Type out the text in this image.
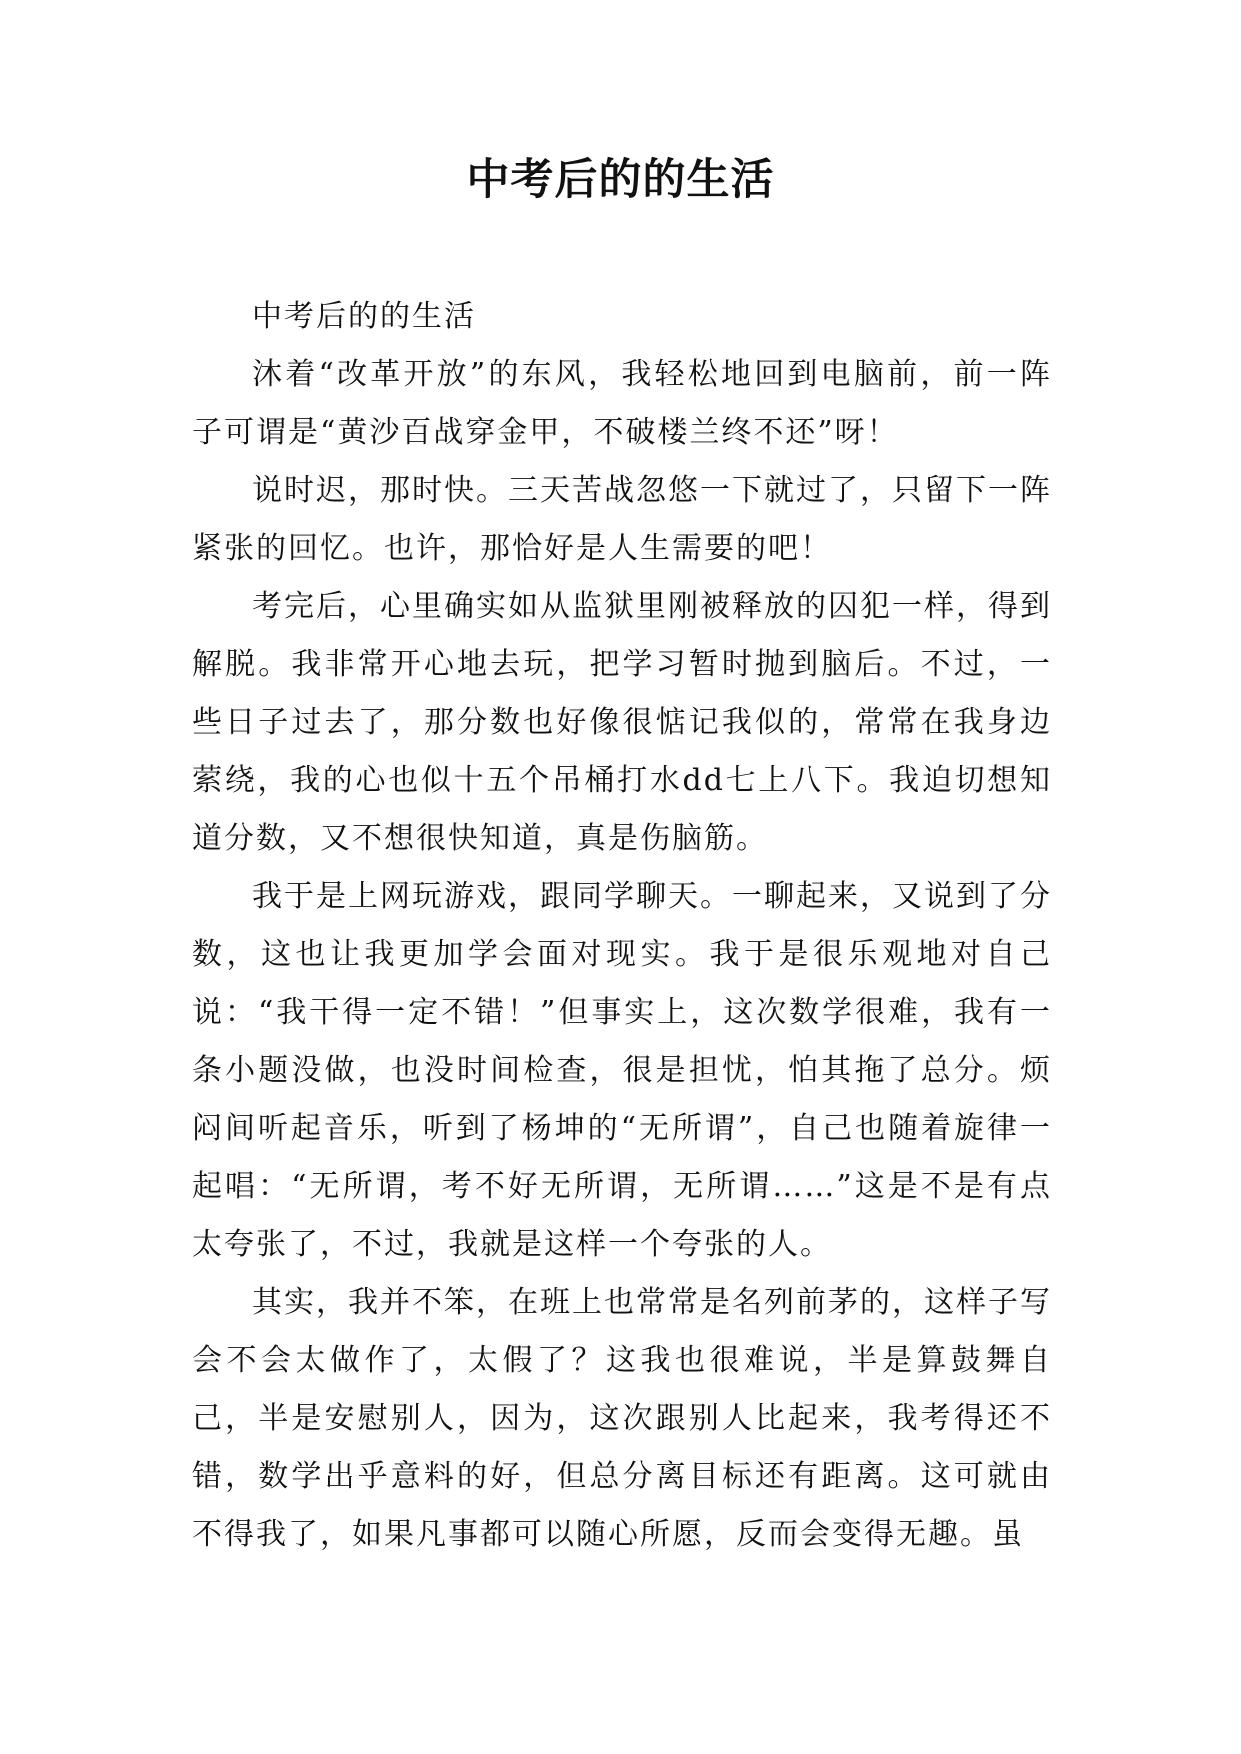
中考后的的生活

中考后的的生活

沐着“改革开放”的东风，我轻松地回到电脑前，前一阵子可谓是“黄沙百战穿金甲，不破楼兰终不还”呀！

说时迟，那时快。三天苦战忽悠一下就过了，只留下一阵紧张的回忆。也许，那恰好是人生需要的吧！

考完后，心里确实如从监狱里刚被释放的囚犯一样，得到解脱。我非常开心地去玩，把学习暂时抛到脑后。不过，一些日子过去了，那分数也好像很惦记我似的，常常在我身边萦绕，我的心也似十五个吊桶打水dd七上八下。我迫切想知道分数，又不想很快知道，真是伤脑筋。

我于是上网玩游戏，跟同学聊天。一聊起来，又说到了分数，这也让我更加学会面对现实。我于是很乐观地对自己说：“我干得一定不错！”但事实上，这次数学很难，我有一条小题没做，也没时间检查，很是担忧，怕其拖了总分。烦闷间听起音乐，听到了杨坤的“无所谓”，自己也随着旋律一起唱：“无所谓，考不好无所谓，无所谓……”这是不是有点太夸张了，不过，我就是这样一个夸张的人。

其实，我并不笨，在班上也常常是名列前茅的，这样子写会不会太做作了，太假了？这我也很难说，半是算鼓舞自己，半是安慰别人，因为，这次跟别人比起来，我考得还不错，数学出乎意料的好，但总分离目标还有距离。这可就由不得我了，如果凡事都可以随心所愿，反而会变得无趣。虽
